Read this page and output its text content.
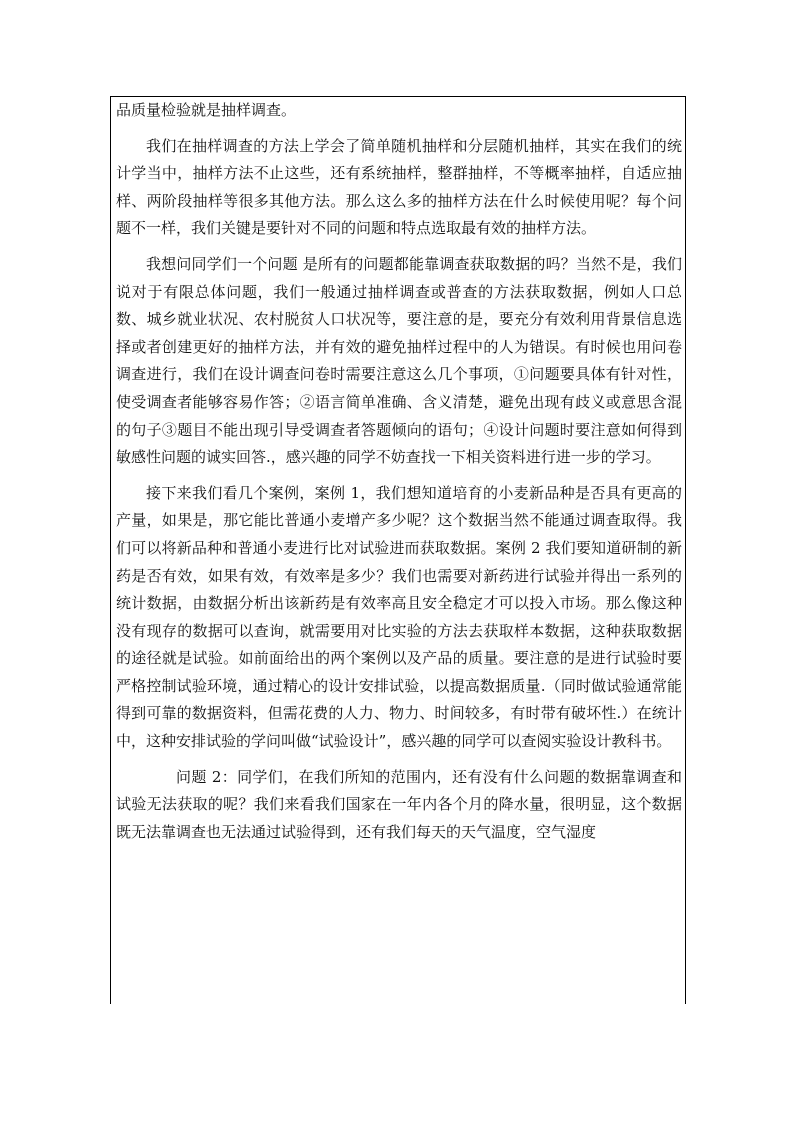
品质量检验就是抽样调查。

我们在抽样调查的方法上学会了简单随机抽样和分层随机抽样，其实在我们的统计学当中，抽样方法不止这些，还有系统抽样，整群抽样，不等概率抽样，自适应抽样、两阶段抽样等很多其他方法。那么这么多的抽样方法在什么时候使用呢？每个问题不一样，我们关键是要针对不同的问题和特点选取最有效的抽样方法。

我想问同学们一个问题 是所有的问题都能靠调查获取数据的吗？当然不是，我们说对于有限总体问题，我们一般通过抽样调查或普查的方法获取数据，例如人口总数、城乡就业状况、农村脱贫人口状况等，要注意的是，要充分有效利用背景信息选择或者创建更好的抽样方法，并有效的避免抽样过程中的人为错误。有时候也用问卷调查进行，我们在设计调查问卷时需要注意这么几个事项，①问题要具体有针对性，使受调查者能够容易作答；②语言简单准确、含义清楚，避免出现有歧义或意思含混的句子③题目不能出现引导受调查者答题倾向的语句；④设计问题时要注意如何得到敏感性问题的诚实回答.，感兴趣的同学不妨查找一下相关资料进行进一步的学习。

接下来我们看几个案例，案例 1，我们想知道培育的小麦新品种是否具有更高的产量，如果是，那它能比普通小麦增产多少呢？这个数据当然不能通过调查取得。我们可以将新品种和普通小麦进行比对试验进而获取数据。案例 2 我们要知道研制的新药是否有效，如果有效，有效率是多少？我们也需要对新药进行试验并得出一系列的统计数据，由数据分析出该新药是有效率高且安全稳定才可以投入市场。那么像这种没有现存的数据可以查询，就需要用对比实验的方法去获取样本数据，这种获取数据的途径就是试验。如前面给出的两个案例以及产品的质量。要注意的是进行试验时要严格控制试验环境，通过精心的设计安排试验，以提高数据质量.（同时做试验通常能得到可靠的数据资料，但需花费的人力、物力、时间较多，有时带有破坏性.）在统计中，这种安排试验的学问叫做“试验设计”，感兴趣的同学可以查阅实验设计教科书。

问题 2：同学们，在我们所知的范围内，还有没有什么问题的数据靠调查和试验无法获取的呢？我们来看我们国家在一年内各个月的降水量，很明显，这个数据既无法靠调查也无法通过试验得到，还有我们每天的天气温度，空气湿度
